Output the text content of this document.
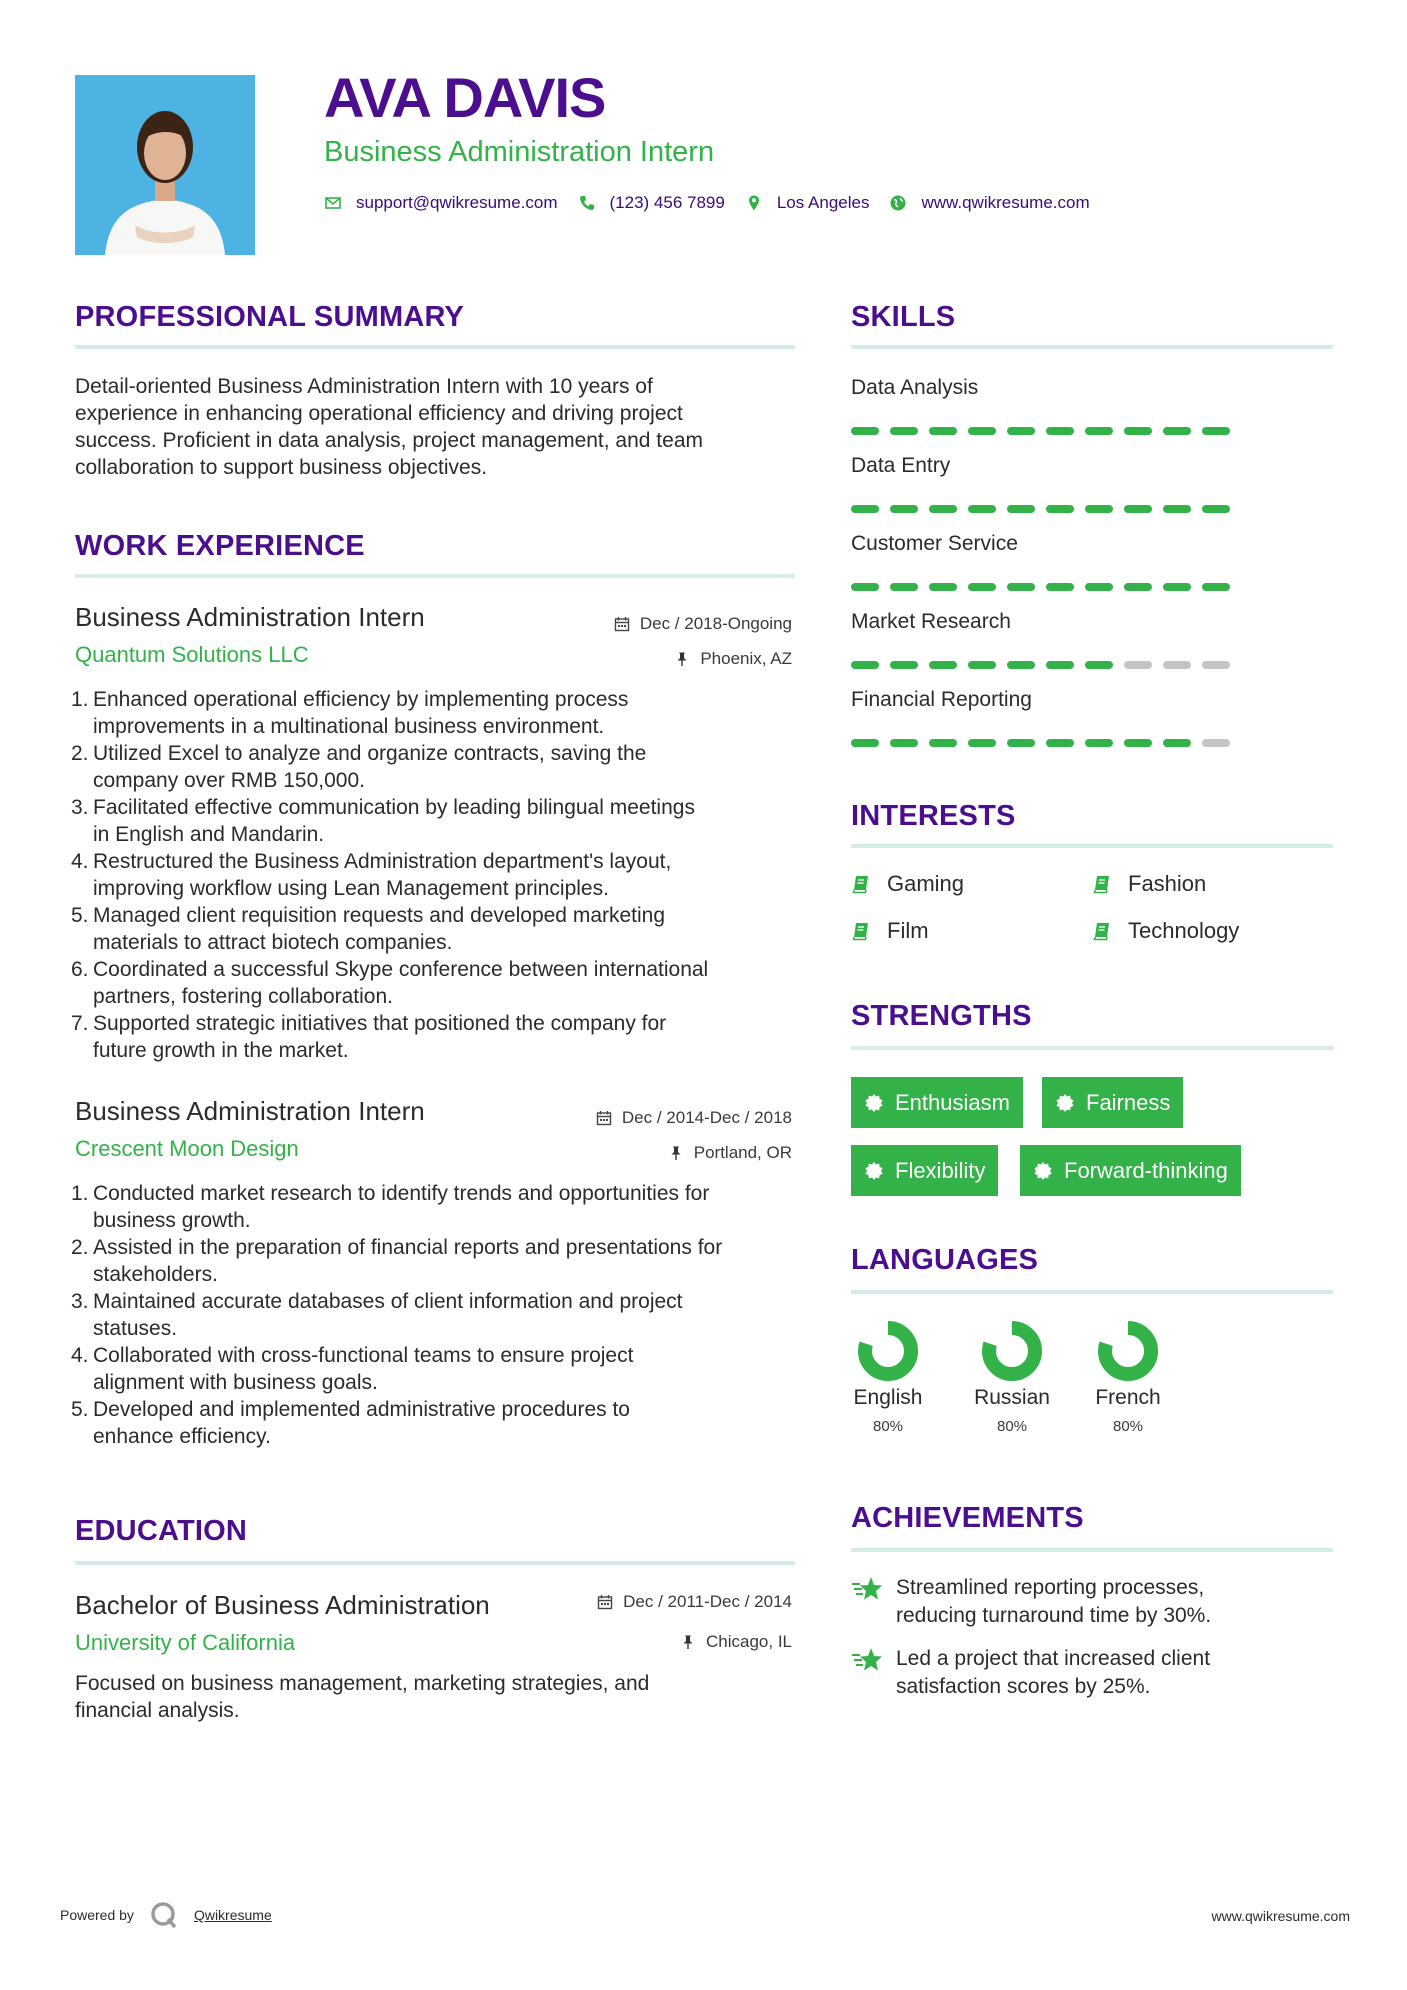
AVA DAVIS
Business Administration Intern
support@qwikresume.com	(123) 456 7899	Los Angeles	www.qwikresume.com
PROFESSIONAL SUMMARY
Detail-oriented Business Administration Intern with 10 years of
experience in enhancing operational efficiency and driving project
success. Proficient in data analysis, project management, and team
collaboration to support business objectives.
WORK EXPERIENCE
Business Administration Intern
Quantum Solutions LLC
Dec / 2018-Ongoing
Phoenix, AZ
1. Enhanced operational efficiency by implementing process
improvements in a multinational business environment.
2. Utilized Excel to analyze and organize contracts, saving the
company over RMB 150,000.
3. Facilitated effective communication by leading bilingual meetings
in English and Mandarin.
4. Restructured the Business Administration department's layout,
improving workflow using Lean Management principles.
5. Managed client requisition requests and developed marketing
materials to attract biotech companies.
6. Coordinated a successful Skype conference between international
partners, fostering collaboration.
7. Supported strategic initiatives that positioned the company for
future growth in the market.
Business Administration Intern
Crescent Moon Design
Dec / 2014-Dec / 2018
Portland, OR
1. Conducted market research to identify trends and opportunities for
business growth.
2. Assisted in the preparation of financial reports and presentations for
stakeholders.
3. Maintained accurate databases of client information and project
statuses.
4. Collaborated with cross-functional teams to ensure project
alignment with business goals.
5. Developed and implemented administrative procedures to
enhance efficiency.
EDUCATION
Bachelor of Business Administration
University of California
Dec / 2011-Dec / 2014
Chicago, IL
Focused on business management, marketing strategies, and
financial analysis.
SKILLS
Data Analysis
Data Entry
Customer Service
Market Research
Financial Reporting
INTERESTS
Gaming	Fashion
Film	Technology
STRENGTHS
Enthusiasm	Fairness
Flexibility	Forward-thinking
LANGUAGES
English
80%
Russian
80%
French
80%
ACHIEVEMENTS
Streamlined reporting processes,
reducing turnaround time by 30%.
Led a project that increased client
satisfaction scores by 25%.
Powered by	Qwikresume	www.qwikresume.com
